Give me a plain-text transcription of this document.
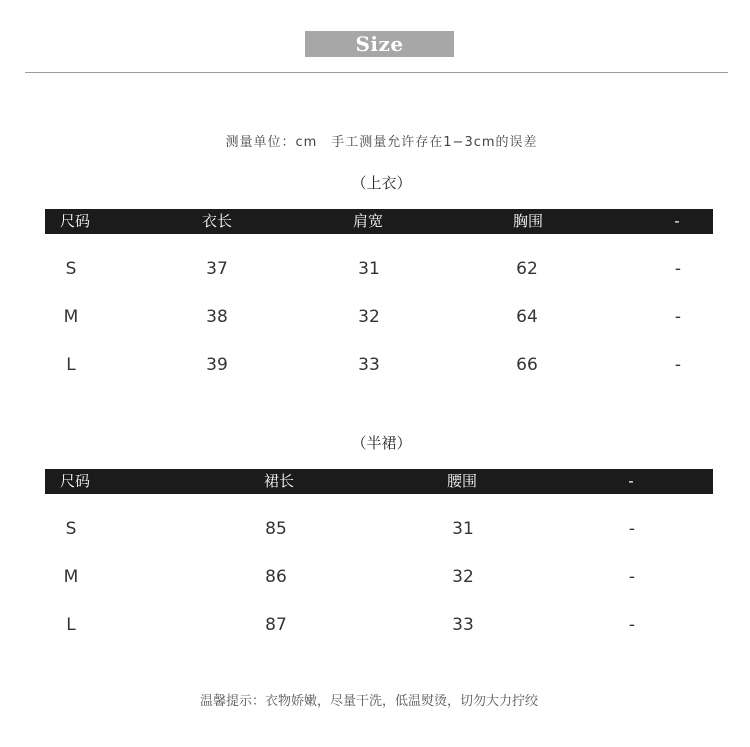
Size
测量单位：cm　手工测量允许存在1−3cm的误差
（上衣）
尺码	衣长	肩宽	胸围	-
S	37	31	62	-
M	38	32	64	-
L	39	33	66	-
（半裙）
尺码	裙长	腰围	-
S	85	31	-
M	86	32	-
L	87	33	-
温馨提示：衣物娇嫩，尽量干洗，低温熨烫，切勿大力拧绞
